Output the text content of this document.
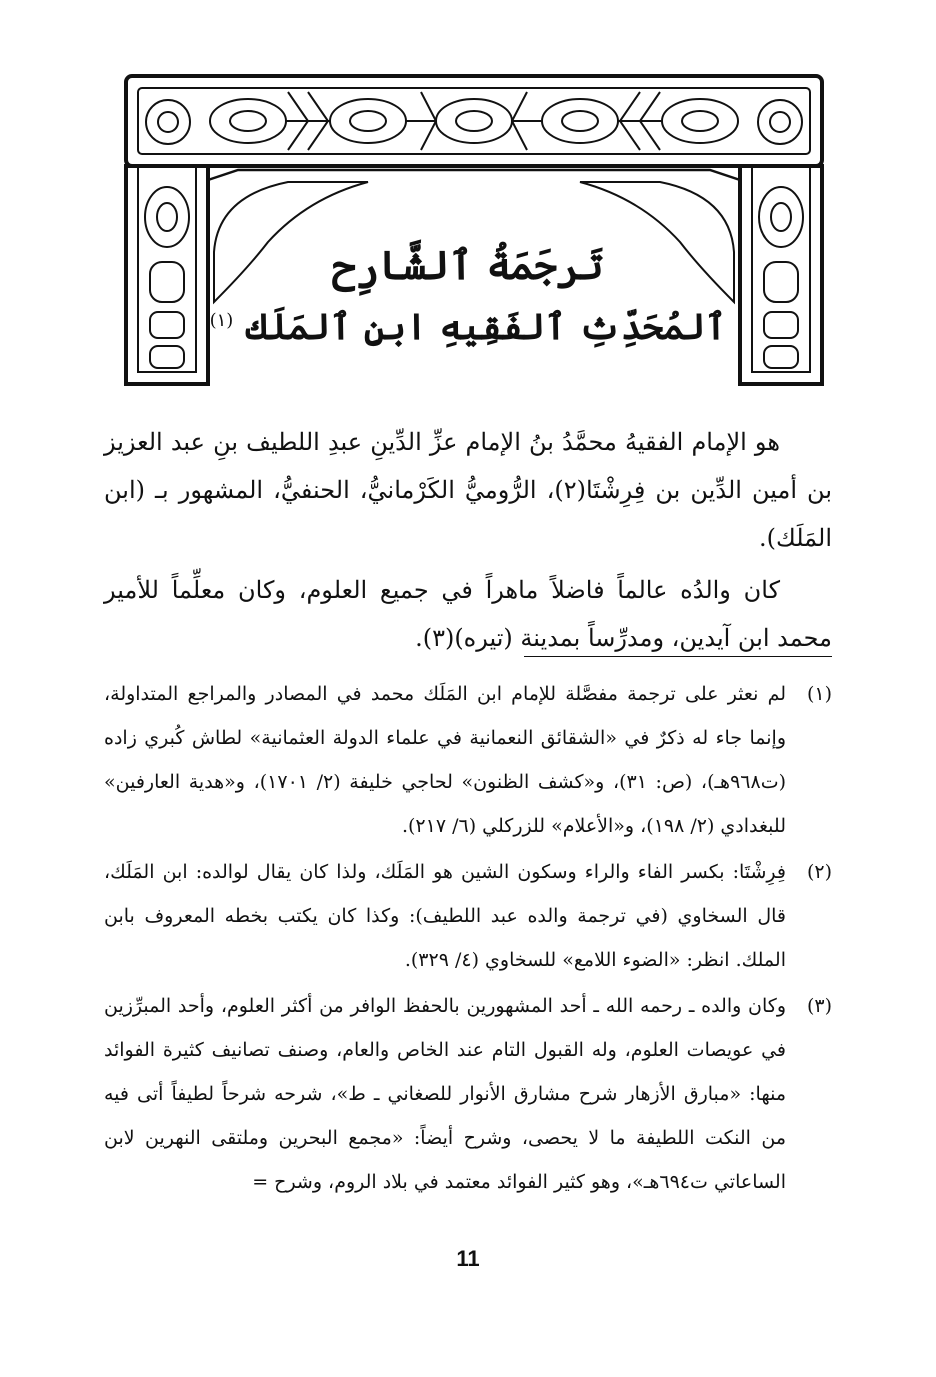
تَرجَمَةُ ٱلشَّارِح
ٱلمُحَدِّثِ ٱلفَقِيهِ ابنِ ٱلمَلَك $^{(١)}$

هو الإمام الفقيهُ محمَّدُ بنُ الإمام عزِّ الدِّينِ عبدِ اللطيف بنِ عبد العزيز بن أمين الدِّين بن فِرِشْتَا(٢)، الرُّوميُّ الكَرْمانيُّ، الحنفيُّ، المشهور بـ (ابن المَلَك).

كان والدُه عالماً فاضلاً ماهراً في جميع العلوم، وكان معلِّماً للأمير محمد ابن آيدين، ومدرِّساً بمدينة (تيره)(٣).

(١)
لم نعثر على ترجمة مفصَّلة للإمام ابن المَلَك محمد في المصادر والمراجع المتداولة، وإنما جاء له ذكرٌ في «الشقائق النعمانية في علماء الدولة العثمانية» لطاش كُبري زاده (ت٩٦٨هـ)، (ص: ٣١)، و«كشف الظنون» لحاجي خليفة (٢/ ١٧٠١)، و«هدية العارفين» للبغدادي (٢/ ١٩٨)، و«الأعلام» للزركلي (٦/ ٢١٧).
(٢)
فِرِشْتَا: بكسر الفاء والراء وسكون الشين هو المَلَك، ولذا كان يقال لوالده: ابن المَلَك، قال السخاوي (في ترجمة والده عبد اللطيف): وكذا كان يكتب بخطه المعروف بابن الملك. انظر: «الضوء اللامع» للسخاوي (٤/ ٣٢٩).
(٣)
وكان والده ـ رحمه الله ـ أحد المشهورين بالحفظ الوافر من أكثر العلوم، وأحد المبرِّزين في عويصات العلوم، وله القبول التام عند الخاص والعام، وصنف تصانيف كثيرة الفوائد منها: «مبارق الأزهار شرح مشارق الأنوار للصغاني ـ ط»، شرحه شرحاً لطيفاً أتى فيه من النكت اللطيفة ما لا يحصى، وشرح أيضاً: «مجمع البحرين وملتقى النهرين لابن الساعاتي ت٦٩٤هـ»، وهو كثير الفوائد معتمد في بلاد الروم، وشرح =
11
